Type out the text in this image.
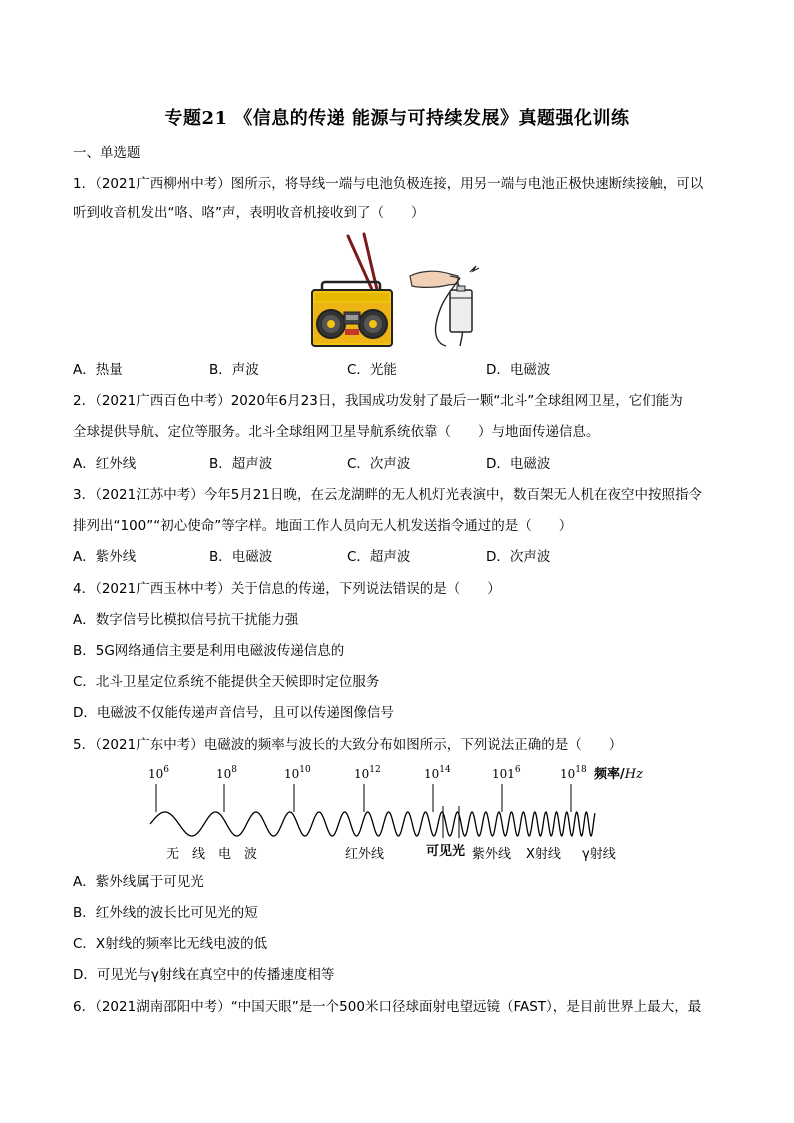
专题21 《信息的传递 能源与可持续发展》真题强化训练
一、单选题
1．（2021广西柳州中考）图所示，将导线一端与电池负极连接，用另一端与电池正极快速断续接触，可以
听到收音机发出“咯、咯”声，表明收音机接收到了（　　）
A．热量	B．声波	C．光能	D．电磁波
2．（2021广西百色中考）2020年6月23日，我国成功发射了最后一颗“北斗”全球组网卫星，它们能为
全球提供导航、定位等服务。北斗全球组网卫星导航系统依靠（　　）与地面传递信息。
A．红外线	B．超声波	C．次声波	D．电磁波
3．（2021江苏中考）今年5月21日晚，在云龙湖畔的无人机灯光表演中，数百架无人机在夜空中按照指令
排列出“100”“初心使命”等字样。地面工作人员向无人机发送指令通过的是（　　）
A．紫外线	B．电磁波	C．超声波	D．次声波
4．（2021广西玉林中考）关于信息的传递，下列说法错误的是（　　）
A．数字信号比模拟信号抗干扰能力强
B．5G网络通信主要是利用电磁波传递信息的
C．北斗卫星定位系统不能提供全天候即时定位服务
D．电磁波不仅能传递声音信号，且可以传递图像信号
5．（2021广东中考）电磁波的频率与波长的大致分布如图所示，下列说法正确的是（　　）
$10^6$	$10^8$	$10^{10}$	$10^{12}$	$10^{14}$	$101^6$	$10^{18}$ 频率/Hz
无　线　电　波	红外线	可见光 紫外线 X射线 γ射线
A．紫外线属于可见光
B．红外线的波长比可见光的短
C．X射线的频率比无线电波的低
D．可见光与γ射线在真空中的传播速度相等
6．（2021湖南邵阳中考）“中国天眼”是一个500米口径球面射电望远镜（FAST），是目前世界上最大，最
